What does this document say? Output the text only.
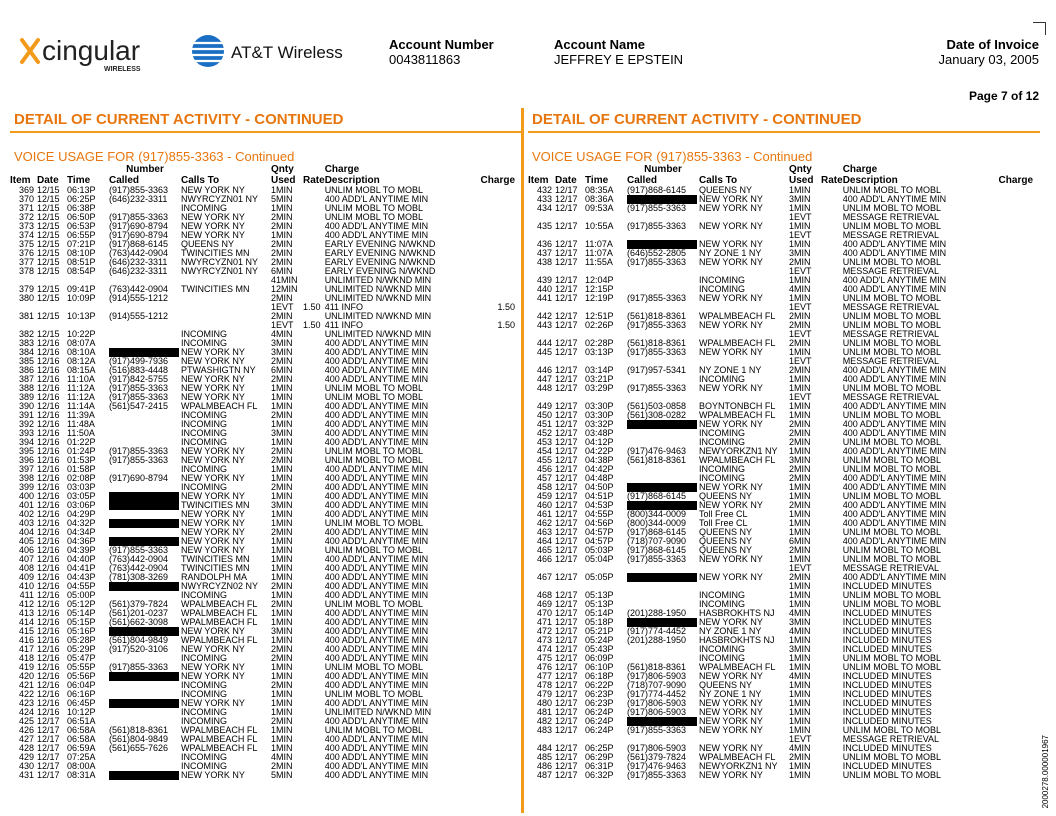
cingular
WIRELESS
AT&T Wireless	Account Number
0043811863
Account Name
JEFFREY E EPSTEIN
Date of Invoice
January 03, 2005
Page 7 of 12
DETAIL OF CURRENT ACTIVITY - CONTINUED
VOICE USAGE FOR (917)855-3363 - Continued
			Number		Qnty		Charge	
Item	Date	Time	Called	Calls To	Used	Rate	Description	Charge
369	12/15	06:13P	(917)855-3363	NEW YORK NY	1MIN		UNLIM MOBL TO MOBL	
370	12/15	06:25P	(646)232-3311	NWYRCYZN01 NY	5MIN		400 ADD'L ANYTIME MIN	
371	12/15	06:38P		INCOMING	1MIN		UNLIM MOBL TO MOBL	
372	12/15	06:50P	(917)855-3363	NEW YORK NY	2MIN		UNLIM MOBL TO MOBL	
373	12/15	06:53P	(917)690-8794	NEW YORK NY	2MIN		400 ADD'L ANYTIME MIN	
374	12/15	06:55P	(917)690-8794	NEW YORK NY	1MIN		400 ADD'L ANYTIME MIN	
375	12/15	07:21P	(917)868-6145	QUEENS NY	2MIN		EARLY EVENING N/WKND	
376	12/15	08:10P	(763)442-0904	TWINCITIES MN	2MIN		EARLY EVENING N/WKND	
377	12/15	08:51P	(646)232-3311	NWYRCYZN01 NY	2MIN		EARLY EVENING N/WKND	
378	12/15	08:54P	(646)232-3311	NWYRCYZN01 NY	6MIN		EARLY EVENING N/WKND	
					41MIN		UNLIMITED N/WKND MIN	
379	12/15	09:41P	(763)442-0904	TWINCITIES MN	12MIN		UNLIMITED N/WKND MIN	
380	12/15	10:09P	(914)555-1212		2MIN		UNLIMITED N/WKND MIN	
					1EVT	1.50	411 INFO	1.50
381	12/15	10:13P	(914)555-1212		2MIN		UNLIMITED N/WKND MIN	
					1EVT	1.50	411 INFO	1.50
382	12/15	10:22P		INCOMING	4MIN		UNLIMITED N/WKND MIN	
383	12/16	08:07A		INCOMING	3MIN		400 ADD'L ANYTIME MIN	
384	12/16	08:10A		NEW YORK NY	3MIN		400 ADD'L ANYTIME MIN	
385	12/16	08:12A	(917)499-7936	NEW YORK NY	2MIN		400 ADD'L ANYTIME MIN	
386	12/16	08:15A	(516)883-4448	PTWASHIGTN NY	6MIN		400 ADD'L ANYTIME MIN	
387	12/16	11:10A	(917)842-5755	NEW YORK NY	2MIN		400 ADD'L ANYTIME MIN	
388	12/16	11:12A	(917)855-3363	NEW YORK NY	1MIN		UNLIM MOBL TO MOBL	
389	12/16	11:12A	(917)855-3363	NEW YORK NY	1MIN		UNLIM MOBL TO MOBL	
390	12/16	11:14A	(561)547-2415	WPALMBEACH FL	1MIN		400 ADD'L ANYTIME MIN	
391	12/16	11:39A		INCOMING	2MIN		400 ADD'L ANYTIME MIN	
392	12/16	11:48A		INCOMING	1MIN		400 ADD'L ANYTIME MIN	
393	12/16	11:50A		INCOMING	3MIN		400 ADD'L ANYTIME MIN	
394	12/16	01:22P		INCOMING	1MIN		400 ADD'L ANYTIME MIN	
395	12/16	01:24P	(917)855-3363	NEW YORK NY	2MIN		UNLIM MOBL TO MOBL	
396	12/16	01:53P	(917)855-3363	NEW YORK NY	2MIN		UNLIM MOBL TO MOBL	
397	12/16	01:58P		INCOMING	1MIN		400 ADD'L ANYTIME MIN	
398	12/16	02:08P	(917)690-8794	NEW YORK NY	1MIN		400 ADD'L ANYTIME MIN	
399	12/16	03:03P		INCOMING	2MIN		400 ADD'L ANYTIME MIN	
400	12/16	03:05P		NEW YORK NY	1MIN		400 ADD'L ANYTIME MIN	
401	12/16	03:06P		TWINCITIES MN	3MIN		400 ADD'L ANYTIME MIN	
402	12/16	04:29P		NEW YORK NY	1MIN		400 ADD'L ANYTIME MIN	
403	12/16	04:32P		NEW YORK NY	1MIN		UNLIM MOBL TO MOBL	
404	12/16	04:34P		NEW YORK NY	2MIN		400 ADD'L ANYTIME MIN	
405	12/16	04:36P		NEW YORK NY	1MIN		400 ADD'L ANYTIME MIN	
406	12/16	04:39P	(917)855-3363	NEW YORK NY	1MIN		UNLIM MOBL TO MOBL	
407	12/16	04:40P	(763)442-0904	TWINCITIES MN	1MIN		400 ADD'L ANYTIME MIN	
408	12/16	04:41P	(763)442-0904	TWINCITIES MN	1MIN		400 ADD'L ANYTIME MIN	
409	12/16	04:43P	(781)308-3269	RANDOLPH MA	1MIN		400 ADD'L ANYTIME MIN	
410	12/16	04:55P		NWYRCYZN02 NY	2MIN		400 ADD'L ANYTIME MIN	
411	12/16	05:00P		INCOMING	1MIN		400 ADD'L ANYTIME MIN	
412	12/16	05:12P	(561)379-7824	WPALMBEACH FL	2MIN		UNLIM MOBL TO MOBL	
413	12/16	05:14P	(561)201-0237	WPALMBEACH FL	1MIN		400 ADD'L ANYTIME MIN	
414	12/16	05:15P	(561)662-3098	WPALMBEACH FL	1MIN		400 ADD'L ANYTIME MIN	
415	12/16	05:16P		NEW YORK NY	3MIN		400 ADD'L ANYTIME MIN	
416	12/16	05:28P	(561)804-9849	WPALMBEACH FL	1MIN		400 ADD'L ANYTIME MIN	
417	12/16	05:29P	(917)520-3106	NEW YORK NY	2MIN		400 ADD'L ANYTIME MIN	
418	12/16	05:47P		INCOMING	2MIN		400 ADD'L ANYTIME MIN	
419	12/16	05:55P	(917)855-3363	NEW YORK NY	1MIN		UNLIM MOBL TO MOBL	
420	12/16	05:56P		NEW YORK NY	1MIN		400 ADD'L ANYTIME MIN	
421	12/16	06:04P		INCOMING	2MIN		400 ADD'L ANYTIME MIN	
422	12/16	06:16P		INCOMING	1MIN		UNLIM MOBL TO MOBL	
423	12/16	06:45P		NEW YORK NY	1MIN		400 ADD'L ANYTIME MIN	
424	12/16	10:12P		INCOMING	1MIN		UNLIMITED N/WKND MIN	
425	12/17	06:51A		INCOMING	2MIN		400 ADD'L ANYTIME MIN	
426	12/17	06:58A	(561)818-8361	WPALMBEACH FL	1MIN		UNLIM MOBL TO MOBL	
427	12/17	06:58A	(561)804-9849	WPALMBEACH FL	1MIN		400 ADD'L ANYTIME MIN	
428	12/17	06:59A	(561)655-7626	WPALMBEACH FL	1MIN		400 ADD'L ANYTIME MIN	
429	12/17	07:25A		INCOMING	4MIN		400 ADD'L ANYTIME MIN	
430	12/17	08:00A		INCOMING	2MIN		400 ADD'L ANYTIME MIN	
431	12/17	08:31A		NEW YORK NY	5MIN		400 ADD'L ANYTIME MIN	
DETAIL OF CURRENT ACTIVITY - CONTINUED
VOICE USAGE FOR (917)855-3363 - Continued
			Number		Qnty		Charge	
Item	Date	Time	Called	Calls To	Used	Rate	Description	Charge
432	12/17	08:35A	(917)868-6145	QUEENS NY	1MIN		UNLIM MOBL TO MOBL	
433	12/17	08:36A		NEW YORK NY	3MIN		400 ADD'L ANYTIME MIN	
434	12/17	09:53A	(917)855-3363	NEW YORK NY	1MIN		UNLIM MOBL TO MOBL	
					1EVT		MESSAGE RETRIEVAL	
435	12/17	10:55A	(917)855-3363	NEW YORK NY	1MIN		UNLIM MOBL TO MOBL	
					1EVT		MESSAGE RETRIEVAL	
436	12/17	11:07A		NEW YORK NY	1MIN		400 ADD'L ANYTIME MIN	
437	12/17	11:07A	(646)552-2805	NY ZONE 1 NY	3MIN		400 ADD'L ANYTIME MIN	
438	12/17	11:55A	(917)855-3363	NEW YORK NY	2MIN		UNLIM MOBL TO MOBL	
					1EVT		MESSAGE RETRIEVAL	
439	12/17	12:04P		INCOMING	1MIN		400 ADD'L ANYTIME MIN	
440	12/17	12:15P		INCOMING	4MIN		400 ADD'L ANYTIME MIN	
441	12/17	12:19P	(917)855-3363	NEW YORK NY	1MIN		UNLIM MOBL TO MOBL	
					1EVT		MESSAGE RETRIEVAL	
442	12/17	12:51P	(561)818-8361	WPALMBEACH FL	2MIN		UNLIM MOBL TO MOBL	
443	12/17	02:26P	(917)855-3363	NEW YORK NY	2MIN		UNLIM MOBL TO MOBL	
					1EVT		MESSAGE RETRIEVAL	
444	12/17	02:28P	(561)818-8361	WPALMBEACH FL	2MIN		UNLIM MOBL TO MOBL	
445	12/17	03:13P	(917)855-3363	NEW YORK NY	1MIN		UNLIM MOBL TO MOBL	
					1EVT		MESSAGE RETRIEVAL	
446	12/17	03:14P	(917)957-5341	NY ZONE 1 NY	2MIN		400 ADD'L ANYTIME MIN	
447	12/17	03:21P		INCOMING	1MIN		400 ADD'L ANYTIME MIN	
448	12/17	03:29P	(917)855-3363	NEW YORK NY	1MIN		UNLIM MOBL TO MOBL	
					1EVT		MESSAGE RETRIEVAL	
449	12/17	03:30P	(561)503-0858	BOYNTONBCH FL	1MIN		400 ADD'L ANYTIME MIN	
450	12/17	03:30P	(561)308-0282	WPALMBEACH FL	1MIN		UNLIM MOBL TO MOBL	
451	12/17	03:32P		NEW YORK NY	2MIN		400 ADD'L ANYTIME MIN	
452	12/17	03:48P		INCOMING	2MIN		400 ADD'L ANYTIME MIN	
453	12/17	04:12P		INCOMING	2MIN		UNLIM MOBL TO MOBL	
454	12/17	04:22P	(917)476-9463	NEWYORKZN1 NY	1MIN		400 ADD'L ANYTIME MIN	
455	12/17	04:38P	(561)818-8361	WPALMBEACH FL	3MIN		UNLIM MOBL TO MOBL	
456	12/17	04:42P		INCOMING	2MIN		UNLIM MOBL TO MOBL	
457	12/17	04:48P		INCOMING	2MIN		400 ADD'L ANYTIME MIN	
458	12/17	04:50P		NEW YORK NY	1MIN		400 ADD'L ANYTIME MIN	
459	12/17	04:51P	(917)868-6145	QUEENS NY	1MIN		UNLIM MOBL TO MOBL	
460	12/17	04:53P		NEW YORK NY	2MIN		400 ADD'L ANYTIME MIN	
461	12/17	04:55P	(800)344-0009	Toll Free CL	1MIN		400 ADD'L ANYTIME MIN	
462	12/17	04:56P	(800)344-0009	Toll Free CL	1MIN		400 ADD'L ANYTIME MIN	
463	12/17	04:57P	(917)868-6145	QUEENS NY	1MIN		UNLIM MOBL TO MOBL	
464	12/17	04:57P	(718)707-9090	QUEENS NY	6MIN		400 ADD'L ANYTIME MIN	
465	12/17	05:03P	(917)868-6145	QUEENS NY	2MIN		UNLIM MOBL TO MOBL	
466	12/17	05:04P	(917)855-3363	NEW YORK NY	1MIN		UNLIM MOBL TO MOBL	
					1EVT		MESSAGE RETRIEVAL	
467	12/17	05:05P		NEW YORK NY	2MIN		400 ADD'L ANYTIME MIN	
					1MIN		INCLUDED MINUTES	
468	12/17	05:13P		INCOMING	1MIN		UNLIM MOBL TO MOBL	
469	12/17	05:13P		INCOMING	1MIN		UNLIM MOBL TO MOBL	
470	12/17	05:14P	(201)288-1950	HASBROKHTS NJ	4MIN		INCLUDED MINUTES	
471	12/17	05:18P		NEW YORK NY	3MIN		INCLUDED MINUTES	
472	12/17	05:21P	(917)774-4452	NY ZONE 1 NY	4MIN		INCLUDED MINUTES	
473	12/17	05:24P	(201)288-1950	HASBROKHTS NJ	1MIN		INCLUDED MINUTES	
474	12/17	05:43P		INCOMING	3MIN		INCLUDED MINUTES	
475	12/17	06:09P		INCOMING	1MIN		UNLIM MOBL TO MOBL	
476	12/17	06:10P	(561)818-8361	WPALMBEACH FL	1MIN		UNLIM MOBL TO MOBL	
477	12/17	06:18P	(917)806-5903	NEW YORK NY	4MIN		INCLUDED MINUTES	
478	12/17	06:22P	(718)707-9090	QUEENS NY	1MIN		INCLUDED MINUTES	
479	12/17	06:23P	(917)774-4452	NY ZONE 1 NY	1MIN		INCLUDED MINUTES	
480	12/17	06:23P	(917)806-5903	NEW YORK NY	1MIN		INCLUDED MINUTES	
481	12/17	06:24P	(917)806-5903	NEW YORK NY	1MIN		INCLUDED MINUTES	
482	12/17	06:24P		NEW YORK NY	1MIN		INCLUDED MINUTES	
483	12/17	06:24P	(917)855-3363	NEW YORK NY	1MIN		UNLIM MOBL TO MOBL	
					1EVT		MESSAGE RETRIEVAL	
484	12/17	06:25P	(917)806-5903	NEW YORK NY	4MIN		INCLUDED MINUTES	
485	12/17	06:29P	(561)379-7824	WPALMBEACH FL	2MIN		UNLIM MOBL TO MOBL	
486	12/17	06:31P	(917)476-9463	NEWYORKZN1 NY	1MIN		INCLUDED MINUTES	
487	12/17	06:32P	(917)855-3363	NEW YORK NY	1MIN		UNLIM MOBL TO MOBL		2000278.000001967
